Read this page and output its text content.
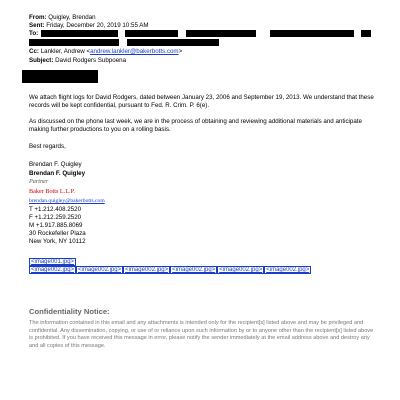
From: Quigley, Brendan
Sent: Friday, December 20, 2019 10:55 AM
To:
Cc: Lankler, Andrew <andrew.lankler@bakerbotts.com>
Subject: David Rodgers Subpoena
We attach flight logs for David Rodgers, dated between January 23, 2006 and September 19, 2013. We understand that these records will be kept confidential, pursuant to Fed. R. Crim. P. 6(e).
As discussed on the phone last week, we are in the process of obtaining and reviewing additional materials and anticipate making further productions to you on a rolling basis.
Best regards,
Brendan F. Quigley
Brendan F. Quigley
Partner
Baker Botts L.L.P.
brendan.quigley@bakerbotts.com
T +1.212.408.2520
F +1.212.259.2520
M +1.917.885.8069
30 Rockefeller Plaza
New York, NY 10112
<image001.jpg>
<image002.jpg> <image002.jpg> <image002.jpg> <image002.jpg> <image002.jpg> <image002.jpg>
Confidentiality Notice:
The information contained in this email and any attachments is intended only for the recipient[s] listed above and may be privileged and confidential. Any dissemination, copying, or use of or reliance upon such information by or to anyone other than the recipient[s] listed above is prohibited. If you have received this message in error, please notify the sender immediately at the email address above and destroy any and all copies of this message.
